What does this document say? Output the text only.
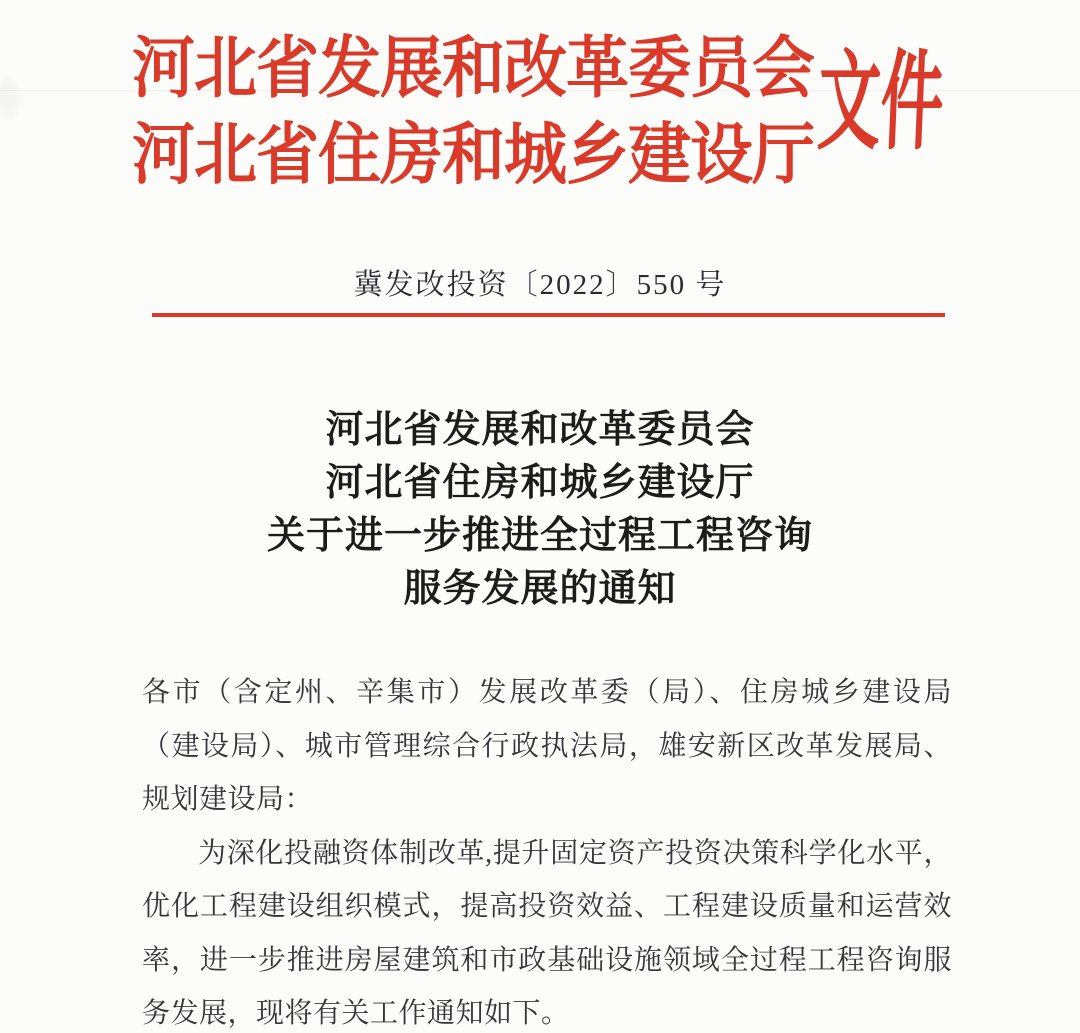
河北省发展和改革委员会
河北省住房和城乡建设厅 文件
冀发改投资〔2022〕550 号
河北省发展和改革委员会
河北省住房和城乡建设厅
关于进一步推进全过程工程咨询
服务发展的通知

各市（含定州、辛集市）发展改革委（局）、住房城乡建设局（建设局）、城市管理综合行政执法局，雄安新区改革发展局、规划建设局：

为深化投融资体制改革,提升固定资产投资决策科学化水平，优化工程建设组织模式，提高投资效益、工程建设质量和运营效率，进一步推进房屋建筑和市政基础设施领域全过程工程咨询服务发展，现将有关工作通知如下。
